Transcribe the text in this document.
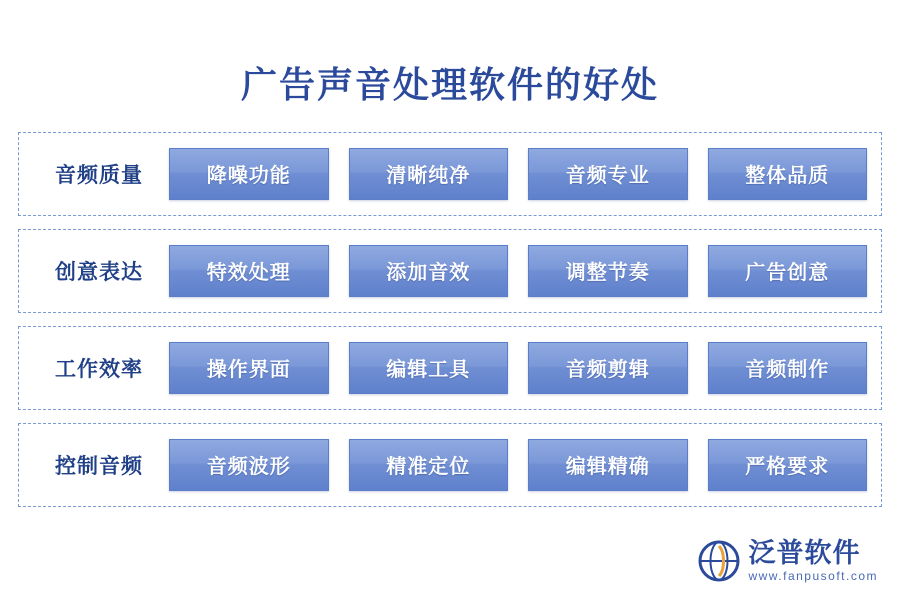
广告声音处理软件的好处
音频质量	降噪功能	清晰纯净	音频专业	整体品质
创意表达	特效处理	添加音效	调整节奏	广告创意
工作效率	操作界面	编辑工具	音频剪辑	音频制作
控制音频	音频波形	精准定位	编辑精确	严格要求
泛普软件
www.fanpusoft.com
